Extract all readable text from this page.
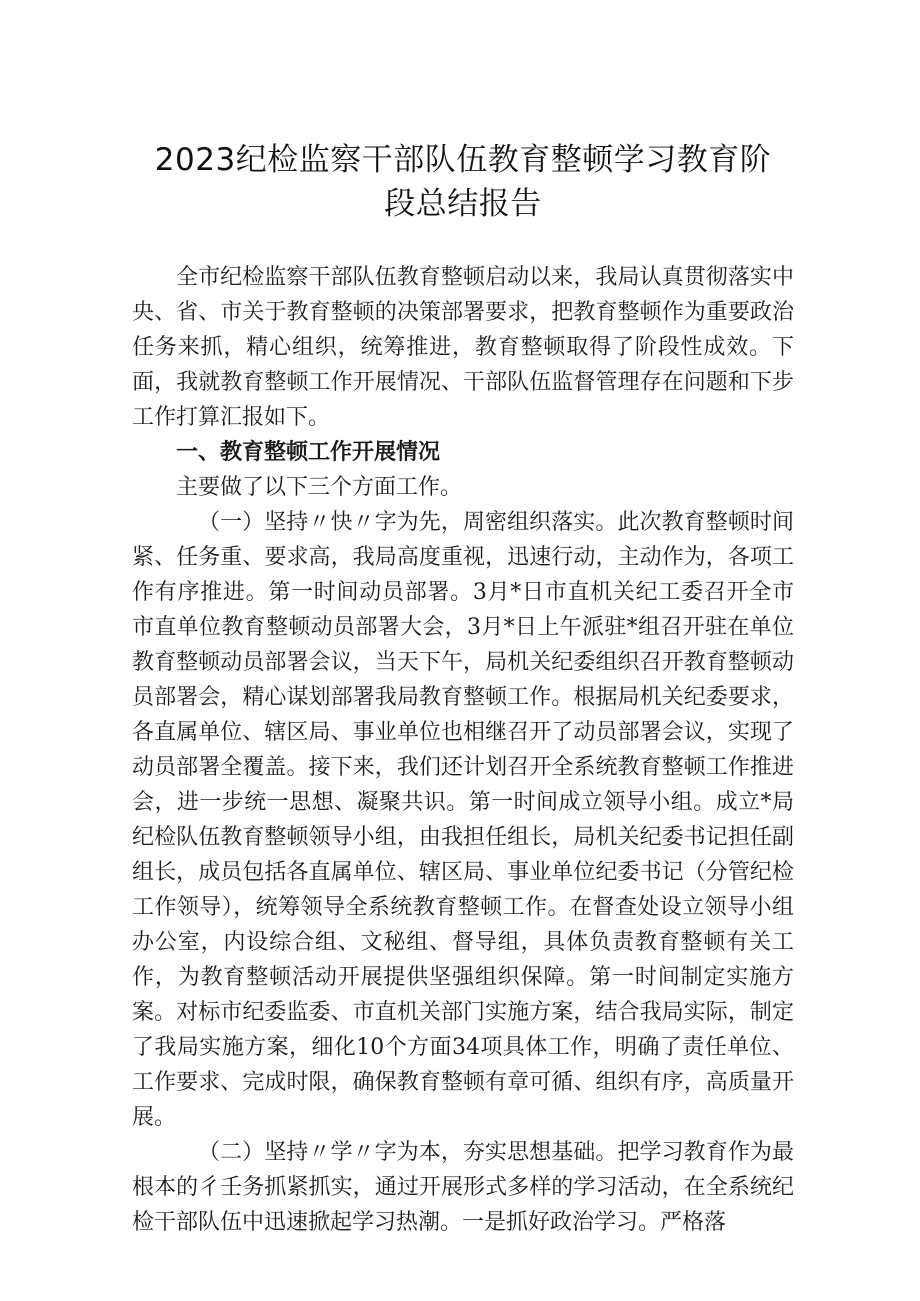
2023纪检监察干部队伍教育整顿学习教育阶
段总结报告

全市纪检监察干部队伍教育整顿启动以来，我局认真贯彻落实中央、省、市关于教育整顿的决策部署要求，把教育整顿作为重要政治任务来抓，精心组织，统筹推进，教育整顿取得了阶段性成效。下面，我就教育整顿工作开展情况、干部队伍监督管理存在问题和下步工作打算汇报如下。

一、教育整顿工作开展情况

主要做了以下三个方面工作。

（一）坚持〃快〃字为先，周密组织落实。此次教育整顿时间紧、任务重、要求高，我局高度重视，迅速行动，主动作为，各项工作有序推进。第一时间动员部署。3月*日市直机关纪工委召开全市市直单位教育整顿动员部署大会，3月*日上午派驻*组召开驻在单位教育整顿动员部署会议，当天下午，局机关纪委组织召开教育整顿动员部署会，精心谋划部署我局教育整顿工作。根据局机关纪委要求，各直属单位、辖区局、事业单位也相继召开了动员部署会议，实现了动员部署全覆盖。接下来，我们还计划召开全系统教育整顿工作推进会，进一步统一思想、凝聚共识。第一时间成立领导小组。成立*局纪检队伍教育整顿领导小组，由我担任组长，局机关纪委书记担任副组长，成员包括各直属单位、辖区局、事业单位纪委书记（分管纪检工作领导），统筹领导全系统教育整顿工作。在督查处设立领导小组办公室，内设综合组、文秘组、督导组，具体负责教育整顿有关工作，为教育整顿活动开展提供坚强组织保障。第一时间制定实施方案。对标市纪委监委、市直机关部门实施方案，结合我局实际，制定了我局实施方案，细化10个方面34项具体工作，明确了责任单位、工作要求、完成时限，确保教育整顿有章可循、组织有序，高质量开展。

（二）坚持〃学〃字为本，夯实思想基础。把学习教育作为最根本的彳壬务抓紧抓实，通过开展形式多样的学习活动，在全系统纪检干部队伍中迅速掀起学习热潮。一是抓好政治学习。严格落
